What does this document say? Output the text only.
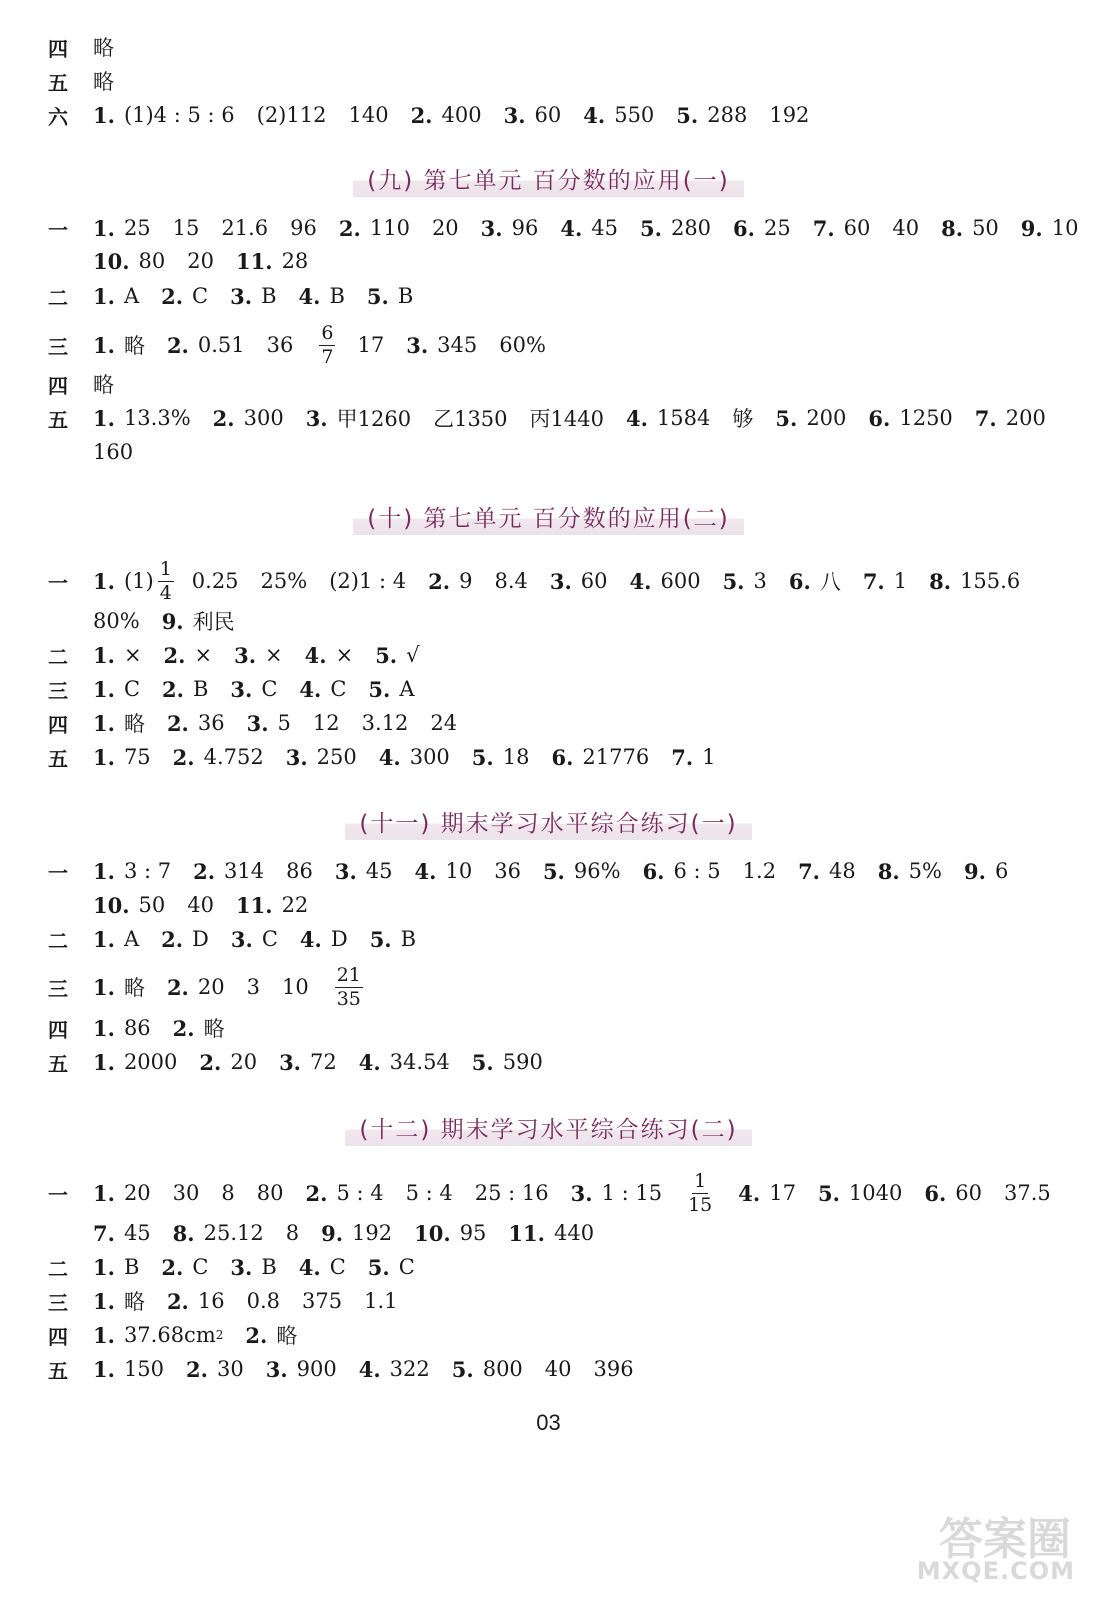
四 略
五 略
六 1. (1)4 : 5 : 6 (2)112 140 2. 400 3. 60 4. 550 5. 288 192
(九) 第七单元 百分数的应用(一)
一 1. 25 15 21.6 96 2. 110 20 3. 96 4. 45 5. 280 6. 25 7. 60 40 8. 50 9. 10
10. 80 20 11. 28
二 1. A 2. C 3. B 4. B 5. B
三 1. 略 2. 0.51 $36 \frac{6}{7} 17$ 3. 345 60%
四 略
五 1. 13.3% 2. 300 3. 甲1260 乙1350 丙1440 4. 1584 够 5. 200 6. 1250 7. 200
160
(十) 第七单元 百分数的应用(二)
一 1. $(1) \frac{1}{4} 0.25$ 25% (2)1 : 4 2. 9 8.4 3. 60 4. 600 5. 3 6. 八 7. 1 8. 155.6
80% 9. 利民
二 1. × 2. × 3. × 4. × 5. √
三 1. C 2. B 3. C 4. C 5. A
四 1. 略 2. 36 3. 5 12 3.12 24
五 1. 75 2. 4.752 3. 250 4. 300 5. 18 6. 21776 7. 1
(十一) 期末学习水平综合练习(一)
一 1. 3 : 7 2. 314 86 3. 45 4. 10 36 5. 96% 6. 6 : 5 1.2 7. 48 8. 5% 9. 6
10. 50 40 11. 22
二 1. A 2. D 3. C 4. D 5. B
三 1. 略 2. 20 3 $10 \frac{21}{35}$
四 1. 86 2. 略
五 1. 2000 2. 20 3. 72 4. 34.54 5. 590
(十二) 期末学习水平综合练习(二)
一 1. 20 30 8 80 2. 5 : 4 5 : 4 25 : 16 3. 1 : $15 \frac{1}{15} 4$. 17 5. 1040 6. 60 37.5
7. 45 8. 25.12 8 9. 192 10. 95 11. 440
二 1. B 2. C 3. B 4. C 5. C
三 1. 略 2. 16 0.8 375 1.1
四 1. 37.68cm 2 2. 略
五 1. 150 2. 30 3. 900 4. 322 5. 800 40 396
03
答案圈
MXQE.COM
